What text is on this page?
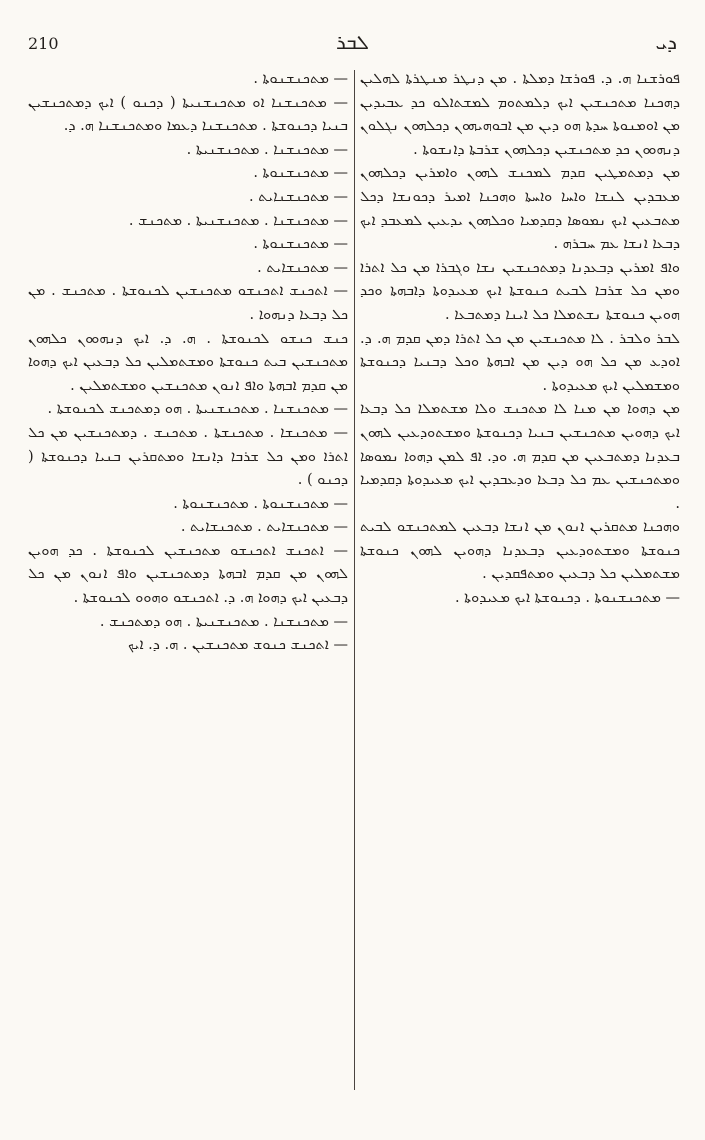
210	ܠܒܪ	ܕܝ

ܦܘܪܫܢܐ ܗ. ܕ. ܦܘܪܫܐ ܕܡܠܬܐ . ܡܢ ܕܢܛܪ ܡܢܛܪܬܐ ܠܗܠܝܢ ܕܗܟܢܐ ܡܬܟܢܫܝܢ ܐܝܟ ܕܠܡܬܘܡ ܠܡܫܬܐܠܘ ܟܕ ܥܒܝܕܝܢ ܡܢ ܐܘܡܢܘܬܐ ܚܕܬܐ ܗܘ ܕܝܢ ܡܢ ܐܒܘܗܝܗܘܢ ܕܟܠܗܘܢ ܢܓܠܘܢ ܕܢܗܘܘܢ ܟܕ ܡܬܟܢܫܝܢ ܕܟܠܗܘܢ ܫܪܒܬܐ ܕܐܢܫܘܬܐ .

ܡܢ ܕܡܬܡܛܝܢ ܩܕܡ ܠܡܟܢܫ ܠܗܘܢ ܘܐܡܪܝܢ ܕܟܠܗܘܢ ܡܥܒܕܝܢ ܠܢܫܐ ܘܐܚܐ ܘܐܚܬܐ ܘܗܟܢܐ ܐܡܝܪ ܕܟܘܢܫܐ ܕܟܠ ܡܬܒܥܝܢ ܐܝܟ ܢܡܘܣܐ ܕܩܕܡܝܐ ܘܟܠܗܘܢ ܝܕܥܝܢ ܠܡܥܒܕ ܐܝܟ ܕܒܥܐ ܐܢܫܐ ܥܡ ܚܒܪܗ .

ܘܐܦ ܐܡܪܝܢ ܕܒܥܕܢܐ ܕܡܬܟܢܫܝܢ ܢܫܐ ܘܓܒܪܐ ܡܢ ܟܠ ܐܬܪܐ ܘܡܢ ܟܠ ܫܪܒܐ ܠܒܝܬ ܟܢܘܫܬܐ ܐܝܟ ܡܥܝܕܘܬܐ ܕܐܒܗܬܐ ܘܟܕ ܗܘܝܢ ܟܢܘܫܬܐ ܢܫܬܡܠܐ ܟܠ ܐܝܢܐ ܕܡܬܒܥܐ .

ܠܒܪ ܘܠܒܪ . ܠܐ ܡܬܟܢܫܝܢ ܡܢ ܟܠ ܐܬܪܐ ܕܡܢ ܩܕܡ ܗ. ܕ. ܐܘܕܥ ܡܢ ܟܠ ܗܘ ܕܝܢ ܡܢ ܐܒܗܬܐ ܘܟܠ ܕܒܢܝܐ ܕܟܢܘܫܬܐ ܘܡܫܡܠܝܢ ܐܝܟ ܡܥܝܕܘܬܐ .

ܡܢ ܕܗܘܐ ܡܢ ܡܢܐ ܠܐ ܡܬܟܢܫ ܘܠܐ ܡܫܬܡܠܐ ܟܠ ܕܒܥܐ ܐܝܟ ܕܗܘܝܢ ܡܬܟܢܫܝܢ ܒܢܝܐ ܕܟܢܘܫܬܐ ܘܡܫܬܘܕܥܝܢ ܠܗܘܢ ܒܥܕܢܐ ܕܡܬܒܥܝܢ ܡܢ ܩܕܡ ܗ. ܘܕ. ܐܦ ܠܡܢ ܕܗܘܐ ܢܡܘܣܐ ܘܡܬܟܢܫܝܢ ܥܡ ܟܠ ܕܒܥܐ ܘܕܥܒܕܝܢ ܐܝܟ ܡܥܝܕܘܬܐ ܕܩܕܡܝܐ .

ܘܗܟܢܐ ܡܬܩܪܝܢ ܐܢܘܢ ܡܢ ܐܢܫܐ ܕܒܥܝܢ ܠܡܬܟܢܫܘ ܠܒܝܬ ܟܢܘܫܬܐ ܘܡܫܬܘܕܥܝܢ ܕܒܥܕܢܐ ܕܗܘܝܢ ܠܗܘܢ ܟܢܘܫܬܐ ܡܫܬܡܠܝܢ ܟܠ ܕܒܥܝܢ ܘܡܬܦܩܕܝܢ .

— ܡܬܟܢܫܢܘܬܐ . ܕܟܢܘܫܬܐ ܐܝܟ ܡܥܝܕܘܬܐ .

— ܡܬܟܢܫܢܘܬܐ .

— ܡܬܟܢܫܢܐ ܐܘ ܡܬܟܢܫܢܝܬܐ ( ܕܟܢܘ ) ܐܝܟ ܕܡܬܟܢܫܝܢ ܒܢܝܐ ܕܟܢܘܫܬܐ . ܡܬܟܢܫܢܐ ܕܥܡܐ ܘܡܬܟܢܫܢܐ ܗ. ܕ.

— ܡܬܟܢܫܢܐ . ܡܬܟܢܫܢܝܬܐ .

— ܡܬܟܢܫܢܘܬܐ .

— ܡܬܟܢܫܢܐܝܬ .

— ܡܬܟܢܫܢܐ . ܡܬܟܢܫܢܝܬܐ . ܡܬܟܢܫ .

— ܡܬܟܢܫܢܘܬܐ .

— ܡܬܟܢܫܐܝܬ .

— ܐܬܟܢܫ ܐܬܟܢܫܘ ܡܬܟܢܫܝܢ ܠܟܢܘܫܬܐ . ܡܬܟܢܫ . ܡܢ ܟܠ ܕܒܥܐ ܕܢܗܘܐ .

ܟܢܫ ܟܢܫܘ ܠܟܢܘܫܬܐ . ܗ. ܕ. ܐܝܟ ܕܢܗܘܘܢ ܟܠܗܘܢ ܡܬܟܢܫܝܢ ܒܝܬ ܟܢܘܫܬܐ ܘܡܫܬܡܠܝܢ ܟܠ ܕܒܥܝܢ ܐܝܟ ܕܗܘܐ ܡܢ ܩܕܡ ܐܒܗܬܐ ܘܐܦ ܐܢܘܢ ܡܬܟܢܫܝܢ ܘܡܫܬܡܠܝܢ .

— ܡܬܟܢܫܢܐ . ܡܬܟܢܫܢܝܬܐ . ܗܘ ܕܡܬܟܢܫ ܠܟܢܘܫܬܐ .

— ܡܬܟܢܫܐ . ܡܬܟܢܫܬܐ . ܡܬܟܢܫ . ܕܡܬܟܢܫܝܢ ܡܢ ܟܠ ܐܬܪܐ ܘܡܢ ܟܠ ܫܪܒܐ ܕܐܢܫܐ ܘܡܬܩܪܝܢ ܒܢܝܐ ܕܟܢܘܫܬܐ ( ܕܟܢܘ ) .

— ܡܬܟܢܫܢܘܬܐ . ܡܬܟܢܫܢܘܬܐ .

— ܡܬܟܢܫܐܝܬ . ܡܬܟܢܫܐܝܬ .

— ܐܬܟܢܫ ܐܬܟܢܫܘ ܡܬܟܢܫܝܢ ܠܟܢܘܫܬܐ . ܟܕ ܗܘܝܢ ܠܗܘܢ ܡܢ ܩܕܡ ܐܒܗܬܐ ܕܡܬܟܢܫܝܢ ܘܐܦ ܐܢܘܢ ܡܢ ܟܠ ܕܒܥܝܢ ܐܝܟ ܕܗܘܐ ܗ. ܕ. ܐܬܟܢܫܘ ܘܗܘܘ ܠܟܢܘܫܬܐ .

— ܡܬܟܢܫܢܐ . ܡܬܟܢܫܢܝܬܐ . ܗܘ ܕܡܬܟܢܫ .

— ܐܬܟܢܫ ܟܢܘܫ ܡܬܟܢܫܝܢ . ܗ. ܕ. ܐܝܟ
